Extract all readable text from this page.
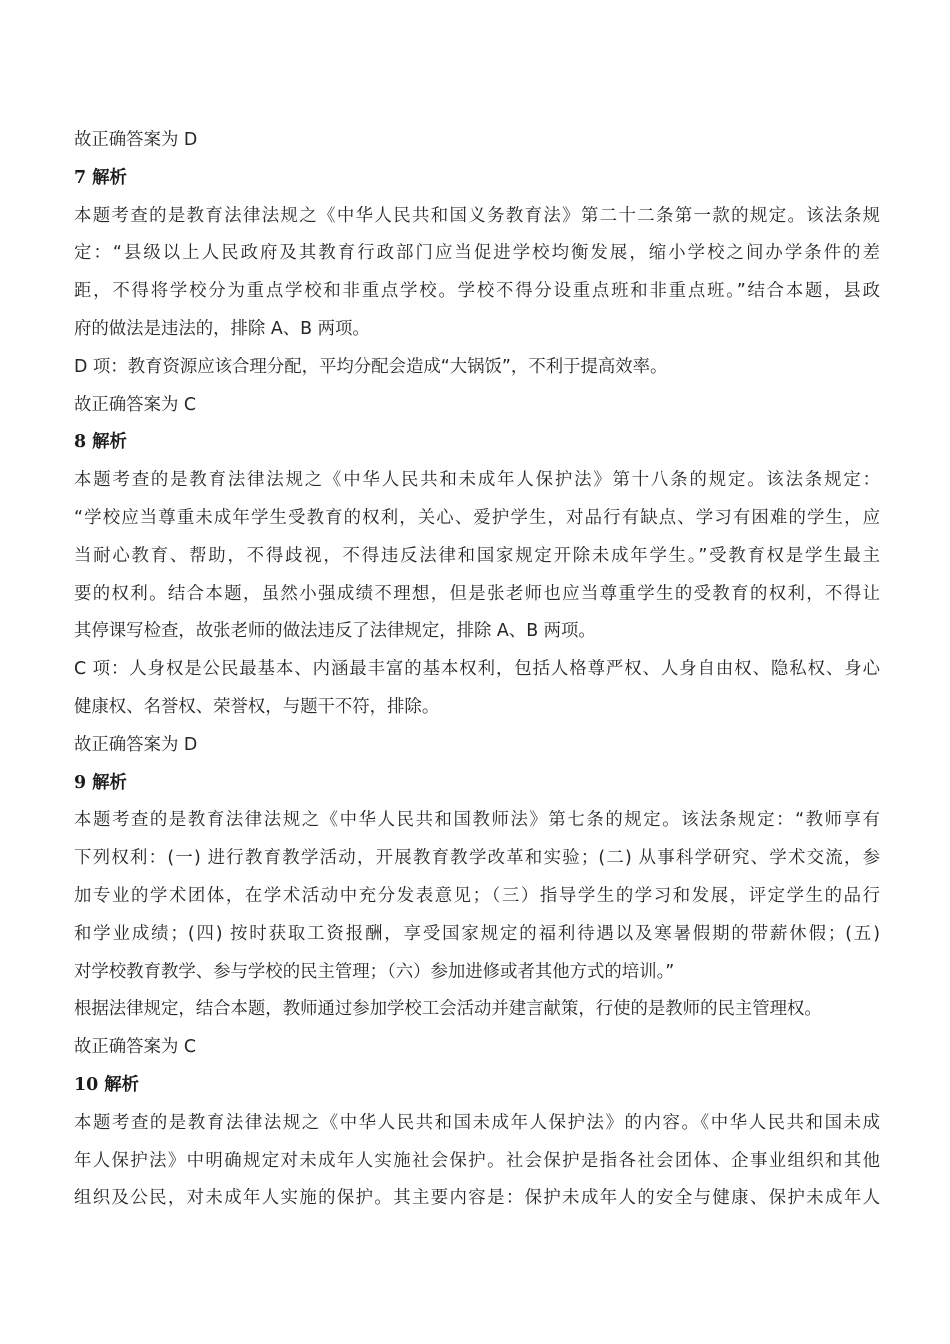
故正确答案为 D
7 解析
本题考查的是教育法律法规之《中华人民共和国义务教育法》第二十二条第一款的规定。该法条规
定：“县级以上人民政府及其教育行政部门应当促进学校均衡发展，缩小学校之间办学条件的差
距，不得将学校分为重点学校和非重点学校。学校不得分设重点班和非重点班。”结合本题，县政
府的做法是违法的，排除 A、B 两项。
D 项：教育资源应该合理分配，平均分配会造成“大锅饭”，不利于提高效率。
故正确答案为 C
8 解析
本题考查的是教育法律法规之《中华人民共和未成年人保护法》第十八条的规定。该法条规定：
“学校应当尊重未成年学生受教育的权利，关心、爱护学生，对品行有缺点、学习有困难的学生，应
当耐心教育、帮助，不得歧视，不得违反法律和国家规定开除未成年学生。”受教育权是学生最主
要的权利。结合本题，虽然小强成绩不理想，但是张老师也应当尊重学生的受教育的权利，不得让
其停课写检查，故张老师的做法违反了法律规定，排除 A、B 两项。
C 项：人身权是公民最基本、内涵最丰富的基本权利，包括人格尊严权、人身自由权、隐私权、身心
健康权、名誉权、荣誉权，与题干不符，排除。
故正确答案为 D
9 解析
本题考查的是教育法律法规之《中华人民共和国教师法》第七条的规定。该法条规定：“教师享有
下列权利：(一) 进行教育教学活动，开展教育教学改革和实验；(二) 从事科学研究、学术交流，参
加专业的学术团体，在学术活动中充分发表意见；（三）指导学生的学习和发展，评定学生的品行
和学业成绩；(四) 按时获取工资报酬，享受国家规定的福利待遇以及寒暑假期的带薪休假；(五)
对学校教育教学、参与学校的民主管理；（六）参加进修或者其他方式的培训。”
根据法律规定，结合本题，教师通过参加学校工会活动并建言献策，行使的是教师的民主管理权。
故正确答案为 C
10 解析
本题考查的是教育法律法规之《中华人民共和国未成年人保护法》的内容。《中华人民共和国未成
年人保护法》中明确规定对未成年人实施社会保护。社会保护是指各社会团体、企事业组织和其他
组织及公民，对未成年人实施的保护。其主要内容是：保护未成年人的安全与健康、保护未成年人
